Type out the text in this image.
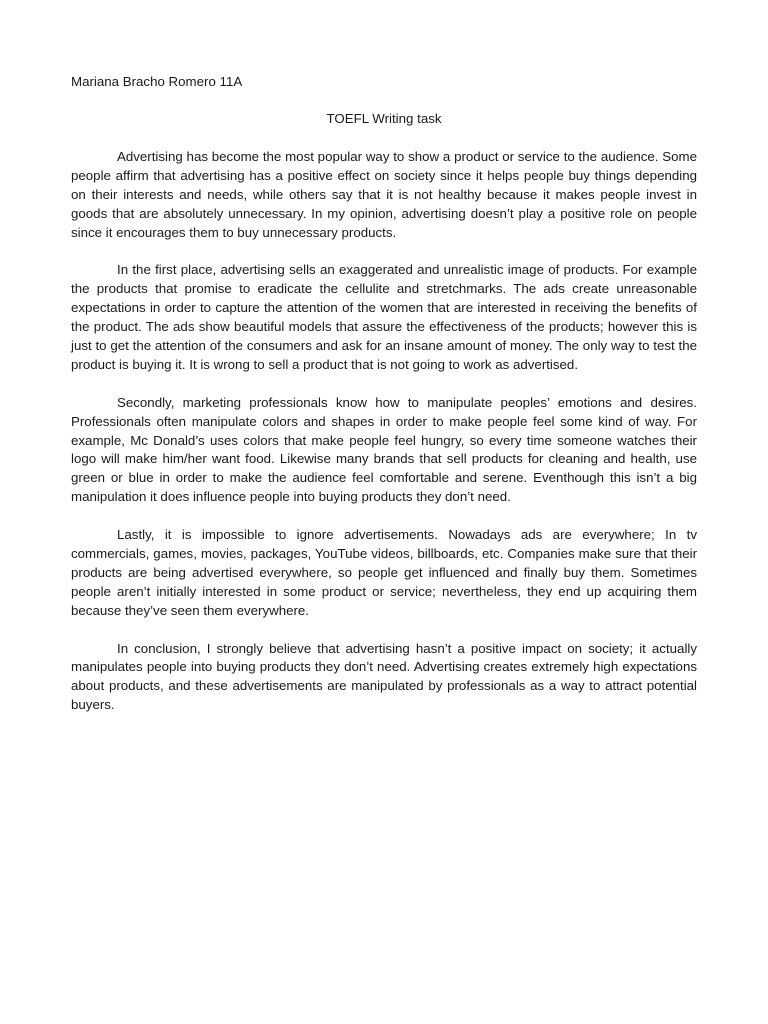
Mariana Bracho Romero 11A
TOEFL Writing task

Advertising has become the most popular way to show a product or service to the audience. Some people affirm that advertising has a positive effect on society since it helps people buy things depending on their interests and needs, while others say that it is not healthy because it makes people invest in goods that are absolutely unnecessary. In my opinion, advertising doesn’t play a positive role on people since it encourages them to buy unnecessary products.

In the first place, advertising sells an exaggerated and unrealistic image of products. For example the products that promise to eradicate the cellulite and stretchmarks. The ads create unreasonable expectations in order to capture the attention of the women that are interested in receiving the benefits of the product. The ads show beautiful models that assure the effectiveness of the products; however this is just to get the attention of the consumers and ask for an insane amount of money. The only way to test the product is buying it. It is wrong to sell a product that is not going to work as advertised.

Secondly, marketing professionals know how to manipulate peoples’ emotions and desires. Professionals often manipulate colors and shapes in order to make people feel some kind of way. For example, Mc Donald’s uses colors that make people feel hungry, so every time someone watches their logo will make him/her want food. Likewise many brands that sell products for cleaning and health, use green or blue in order to make the audience feel comfortable and serene. Eventhough this isn’t a big manipulation it does influence people into buying products they don’t need.

Lastly, it is impossible to ignore advertisements. Nowadays ads are everywhere; In tv commercials, games, movies, packages, YouTube videos, billboards, etc. Companies make sure that their products are being advertised everywhere, so people get influenced and finally buy them. Sometimes people aren’t initially interested in some product or service; nevertheless, they end up acquiring them because they’ve seen them everywhere.

In conclusion, I strongly believe that advertising hasn’t a positive impact on society; it actually manipulates people into buying products they don’t need. Advertising creates extremely high expectations about products, and these advertisements are manipulated by professionals as a way to attract potential buyers.
